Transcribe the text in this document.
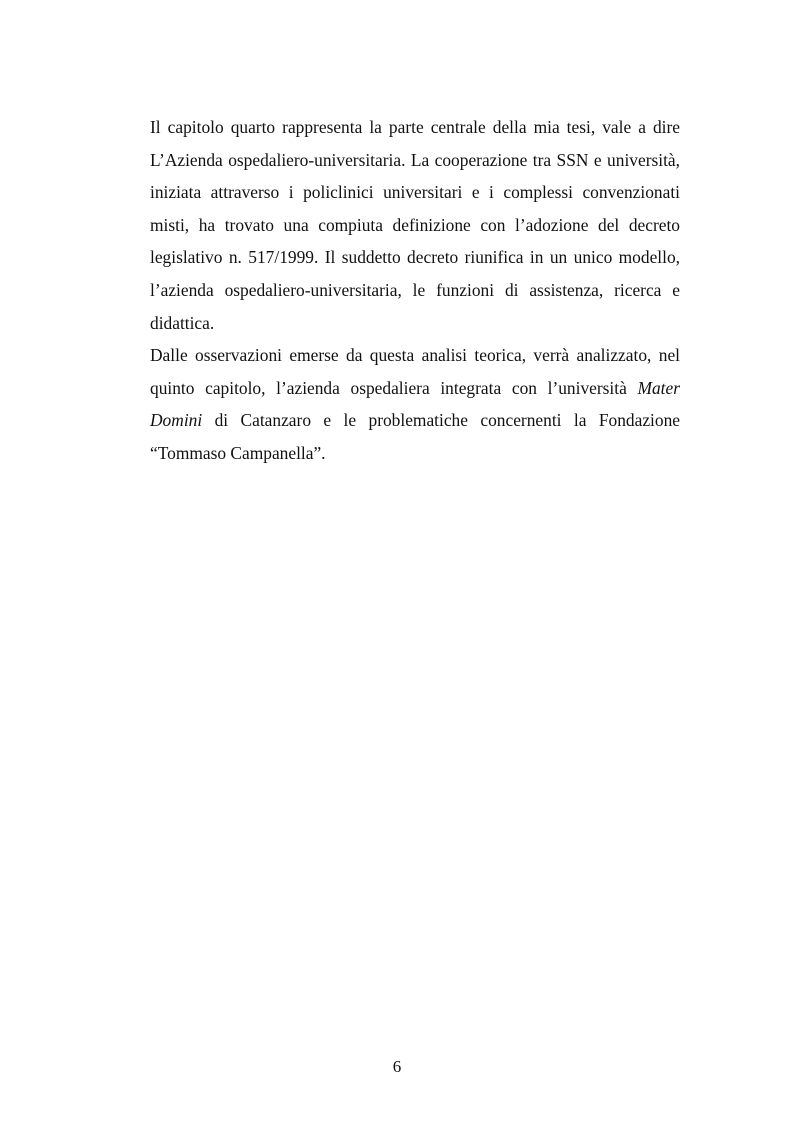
Il capitolo quarto rappresenta la parte centrale della mia tesi, vale a dire L’Azienda ospedaliero-universitaria. La cooperazione tra SSN e università, iniziata attraverso i policlinici universitari e i complessi convenzionati misti, ha trovato una compiuta definizione con l’adozione del decreto legislativo n. 517/1999. Il suddetto decreto riunifica in un unico modello, l’azienda ospedaliero-universitaria, le funzioni di assistenza, ricerca e didattica.

Dalle osservazioni emerse da questa analisi teorica, verrà analizzato, nel quinto capitolo, l’azienda ospedaliera integrata con l’università Mater Domini di Catanzaro e le problematiche concernenti la Fondazione “Tommaso Campanella”.

6
